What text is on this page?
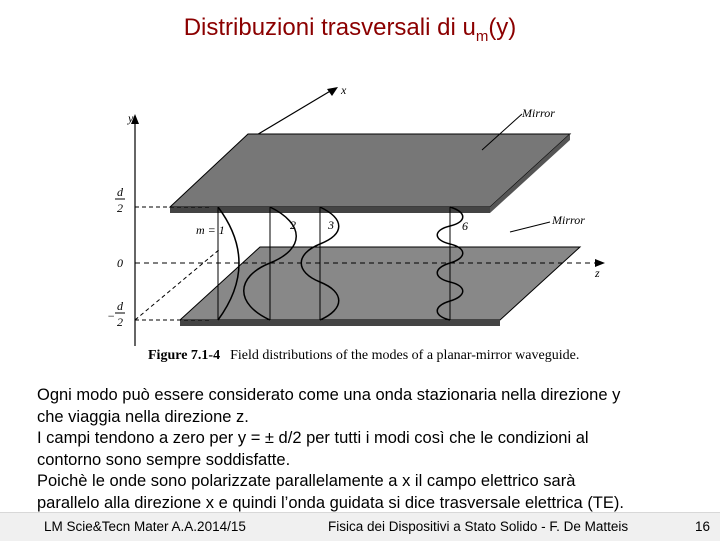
Distribuzioni trasversali di $u_m(y)$
y
x
Mirror
Mirror
z
d
2
0
−
d
2
m = 1	2	3	6
Figure 7.1-4 Field distributions of the modes of a planar-mirror waveguide.
Ogni modo può essere considerato come una onda stazionaria nella direzione y
che viaggia nella direzione z.
I campi tendono a zero per y = ± d/2 per tutti i modi così che le condizioni al
contorno sono sempre soddisfatte.
Poichè le onde sono polarizzate parallelamente a x il campo elettrico sarà
parallelo alla direzione x e quindi l’onda guidata si dice trasversale elettrica (TE).
LM Scie&Tecn Mater A.A.2014/15	Fisica dei Dispositivi a Stato Solido - F. De Matteis	16
